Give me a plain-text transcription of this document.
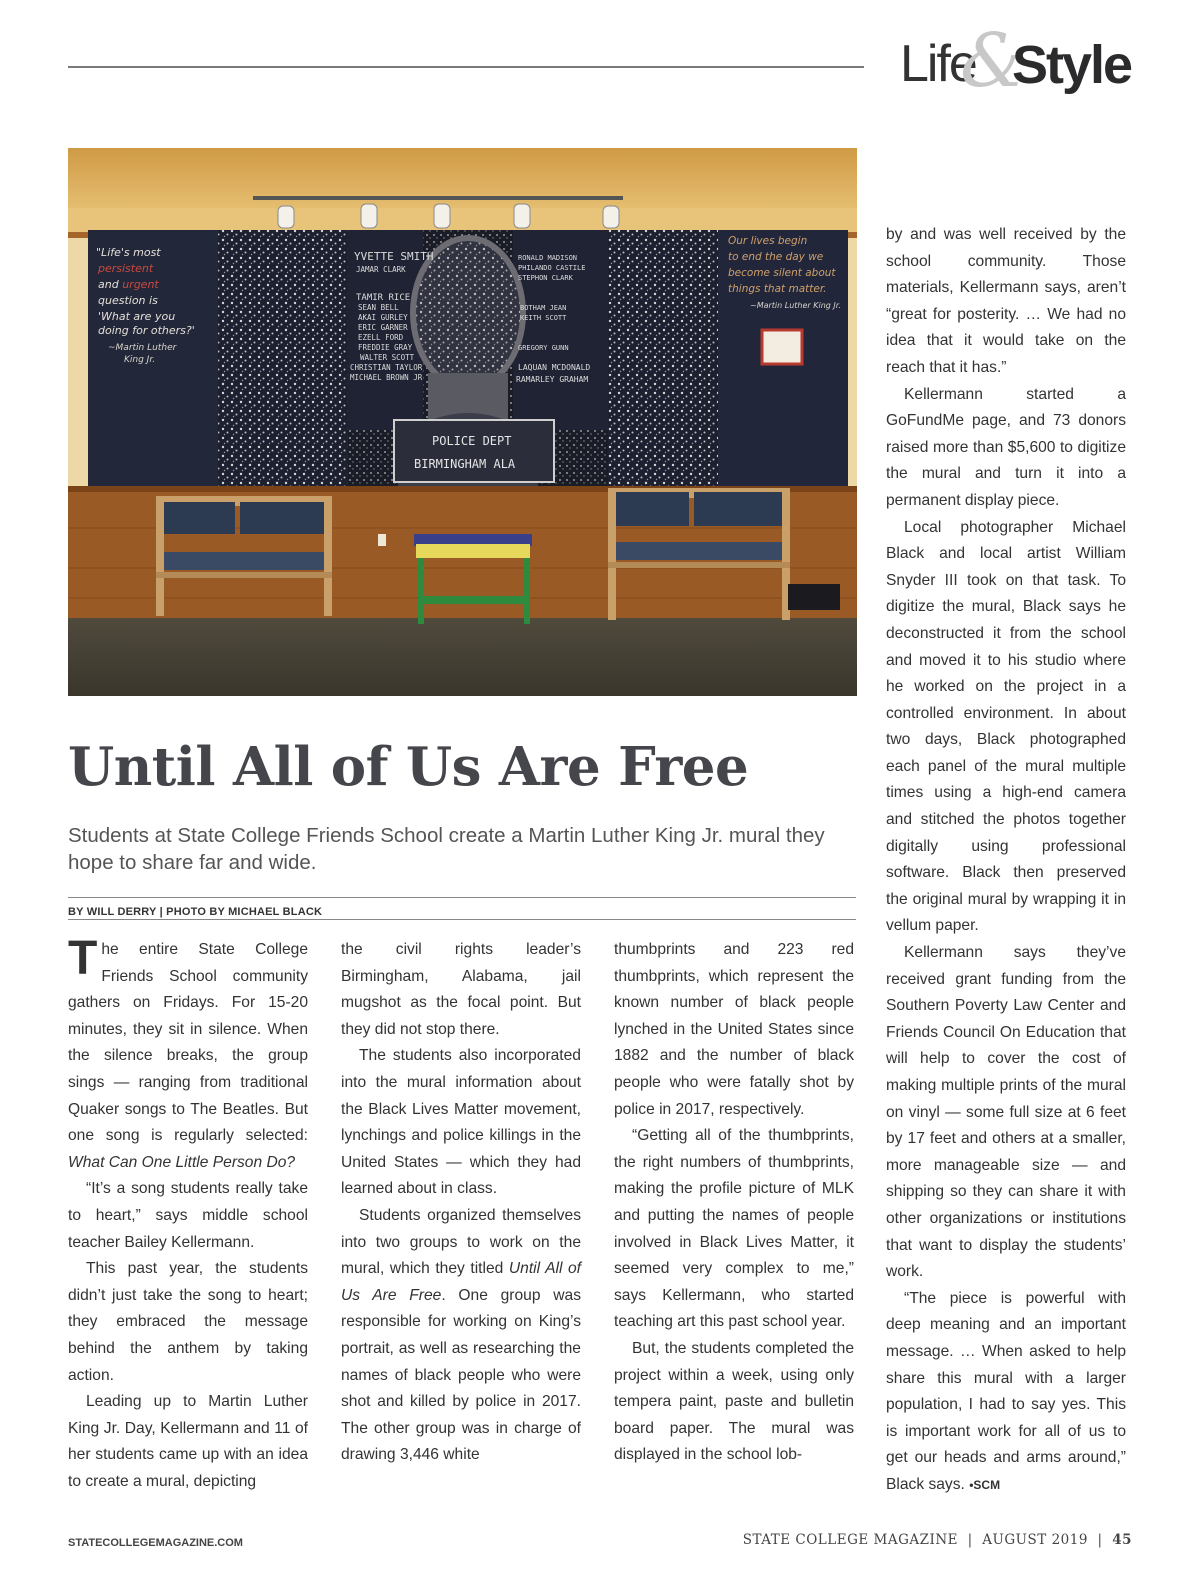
Life
&
Style
"Life's most
persistent
and urgent
question is
'What are you
doing for others?'
~Martin Luther
King Jr.
Our lives begin
to end the day we
become silent about
things that matter.
~Martin Luther King Jr.
YVETTE SMITH
JAMAR CLARK
TAMIR RICE
SEAN BELL
AKAI GURLEY
ERIC GARNER
EZELL FORD
FREDDIE GRAY
WALTER SCOTT
CHRISTIAN TAYLOR
MICHAEL BROWN JR
RONALD MADISON
PHILANDO CASTILE
STEPHON CLARK
BOTHAM JEAN
KEITH SCOTT
GREGORY GUNN
LAQUAN MCDONALD
RAMARLEY GRAHAM
POLICE DEPT
BIRMINGHAM ALA
Until All of Us Are Free

Students at State College Friends School create a Martin Luther King Jr. mural they hope to share far and wide.

BY WILL DERRY | PHOTO BY MICHAEL BLACK

The entire State College Friends School community gathers on Fridays. For 15-20 minutes, they sit in silence. When the silence breaks, the group sings — ranging from traditional Quaker songs to The Beatles. But one song is regularly selected: What Can One Little Person Do?

“It’s a song students really take to heart,” says middle school teacher Bailey Kellermann.

This past year, the students didn’t just take the song to heart; they embraced the message behind the anthem by taking action.

Leading up to Martin Luther King Jr. Day, Kellermann and 11 of her students came up with an idea to create a mural, depicting

the civil rights leader’s Birmingham, Alabama, jail mugshot as the focal point. But they did not stop there.

The students also incorporated into the mural information about the Black Lives Matter movement, lynchings and police killings in the United States — which they had learned about in class.

Students organized themselves into two groups to work on the mural, which they titled Until All of Us Are Free. One group was responsible for working on King’s portrait, as well as researching the names of black people who were shot and killed by police in 2017. The other group was in charge of drawing 3,446 white

thumbprints and 223 red thumbprints, which represent the known number of black people lynched in the United States since 1882 and the number of black people who were fatally shot by police in 2017, respectively.

“Getting all of the thumbprints, the right numbers of thumbprints, making the profile picture of MLK and putting the names of people involved in Black Lives Matter, it seemed very complex to me,” says Kellermann, who started teaching art this past school year.

But, the students completed the project within a week, using only tempera paint, paste and bulletin board paper. The mural was displayed in the school lob-

by and was well received by the school community. Those materials, Kellermann says, aren’t “great for posterity. … We had no idea that it would take on the reach that it has.”

Kellermann started a GoFundMe page, and 73 donors raised more than $5,600 to digitize the mural and turn it into a permanent display piece.

Local photographer Michael Black and local artist William Snyder III took on that task. To digitize the mural, Black says he deconstructed it from the school and moved it to his studio where he worked on the project in a controlled environment. In about two days, Black photographed each panel of the mural multiple times using a high-end camera and stitched the photos together digitally using professional software. Black then preserved the original mural by wrapping it in vellum paper.

Kellermann says they’ve received grant funding from the Southern Poverty Law Center and Friends Council On Education that will help to cover the cost of making multiple prints of the mural on vinyl — some full size at 6 feet by 17 feet and others at a smaller, more manageable size — and shipping so they can share it with other organizations or institutions that want to display the students’ work.

“The piece is powerful with deep meaning and an important message. … When asked to help share this mural with a larger population, I had to say yes. This is important work for all of us to get our heads and arms around,” Black says. •SCM

STATECOLLEGEMAGAZINE.COM	STATE COLLEGE MAGAZINE | AUGUST 2019 | 45
